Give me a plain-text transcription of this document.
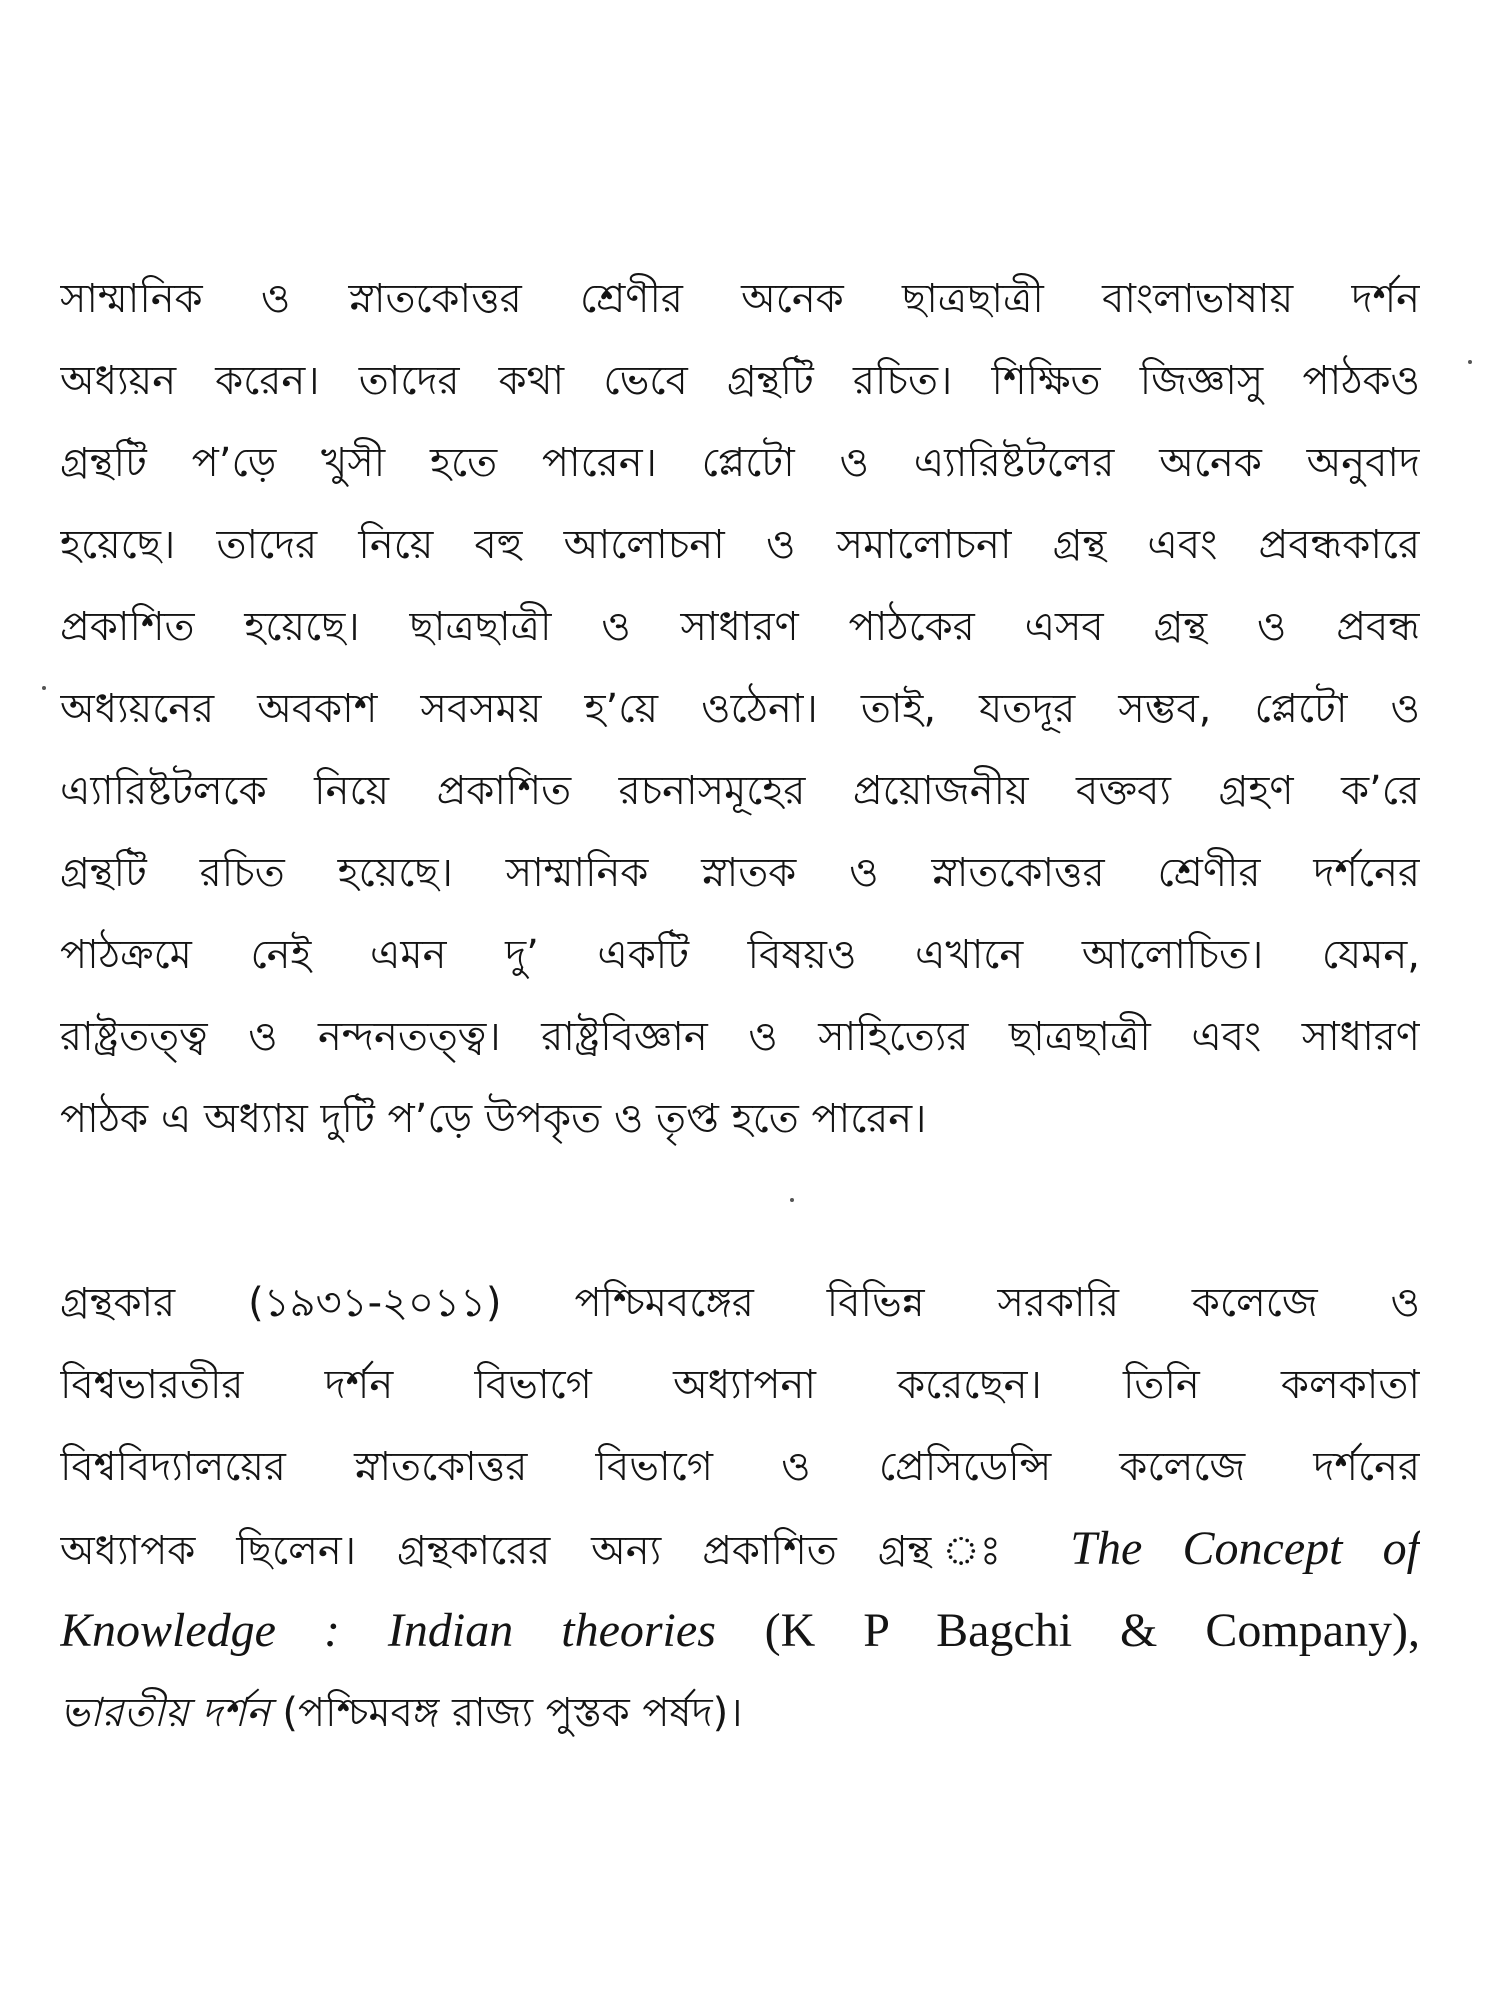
সাম্মানিক ও স্নাতকোত্তর শ্রেণীর অনেক ছাত্রছাত্রী বাংলাভাষায় দর্শন
অধ্যয়ন করেন। তাদের কথা ভেবে গ্রন্থটি রচিত। শিক্ষিত জিজ্ঞাসু পাঠকও
গ্রন্থটি প’ড়ে খুসী হতে পারেন। প্লেটো ও এ্যারিষ্টটলের অনেক অনুবাদ
হয়েছে। তাদের নিয়ে বহু আলোচনা ও সমালোচনা গ্রন্থ এবং প্রবন্ধকারে
প্রকাশিত হয়েছে। ছাত্রছাত্রী ও সাধারণ পাঠকের এসব গ্রন্থ ও প্রবন্ধ
অধ্যয়নের অবকাশ সবসময় হ’য়ে ওঠেনা। তাই, যতদূর সম্ভব, প্লেটো ও
এ্যারিষ্টটলকে নিয়ে প্রকাশিত রচনাসমূহের প্রয়োজনীয় বক্তব্য গ্রহণ ক’রে
গ্রন্থটি রচিত হয়েছে। সাম্মানিক স্নাতক ও স্নাতকোত্তর শ্রেণীর দর্শনের
পাঠক্রমে নেই এমন দু’ একটি বিষয়ও এখানে আলোচিত। যেমন,
রাষ্ট্রতত্ত্ব ও নন্দনতত্ত্ব। রাষ্ট্রবিজ্ঞান ও সাহিত্যের ছাত্রছাত্রী এবং সাধারণ
পাঠক এ অধ্যায় দুটি প’ড়ে উপকৃত ও তৃপ্ত হতে পারেন।
গ্রন্থকার (১৯৩১-২০১১) পশ্চিমবঙ্গের বিভিন্ন সরকারি কলেজে ও
বিশ্বভারতীর দর্শন বিভাগে অধ্যাপনা করেছেন। তিনি কলকাতা
বিশ্ববিদ্যালয়ের স্নাতকোত্তর বিভাগে ও প্রেসিডেন্সি কলেজে দর্শনের
অধ্যাপক ছিলেন। গ্রন্থকারের অন্য প্রকাশিত গ্রন্থ ঃ The Concept of
Knowledge : Indian theories (K P Bagchi & Company),
ভারতীয় দর্শন (পশ্চিমবঙ্গ রাজ্য পুস্তক পর্ষদ)।
